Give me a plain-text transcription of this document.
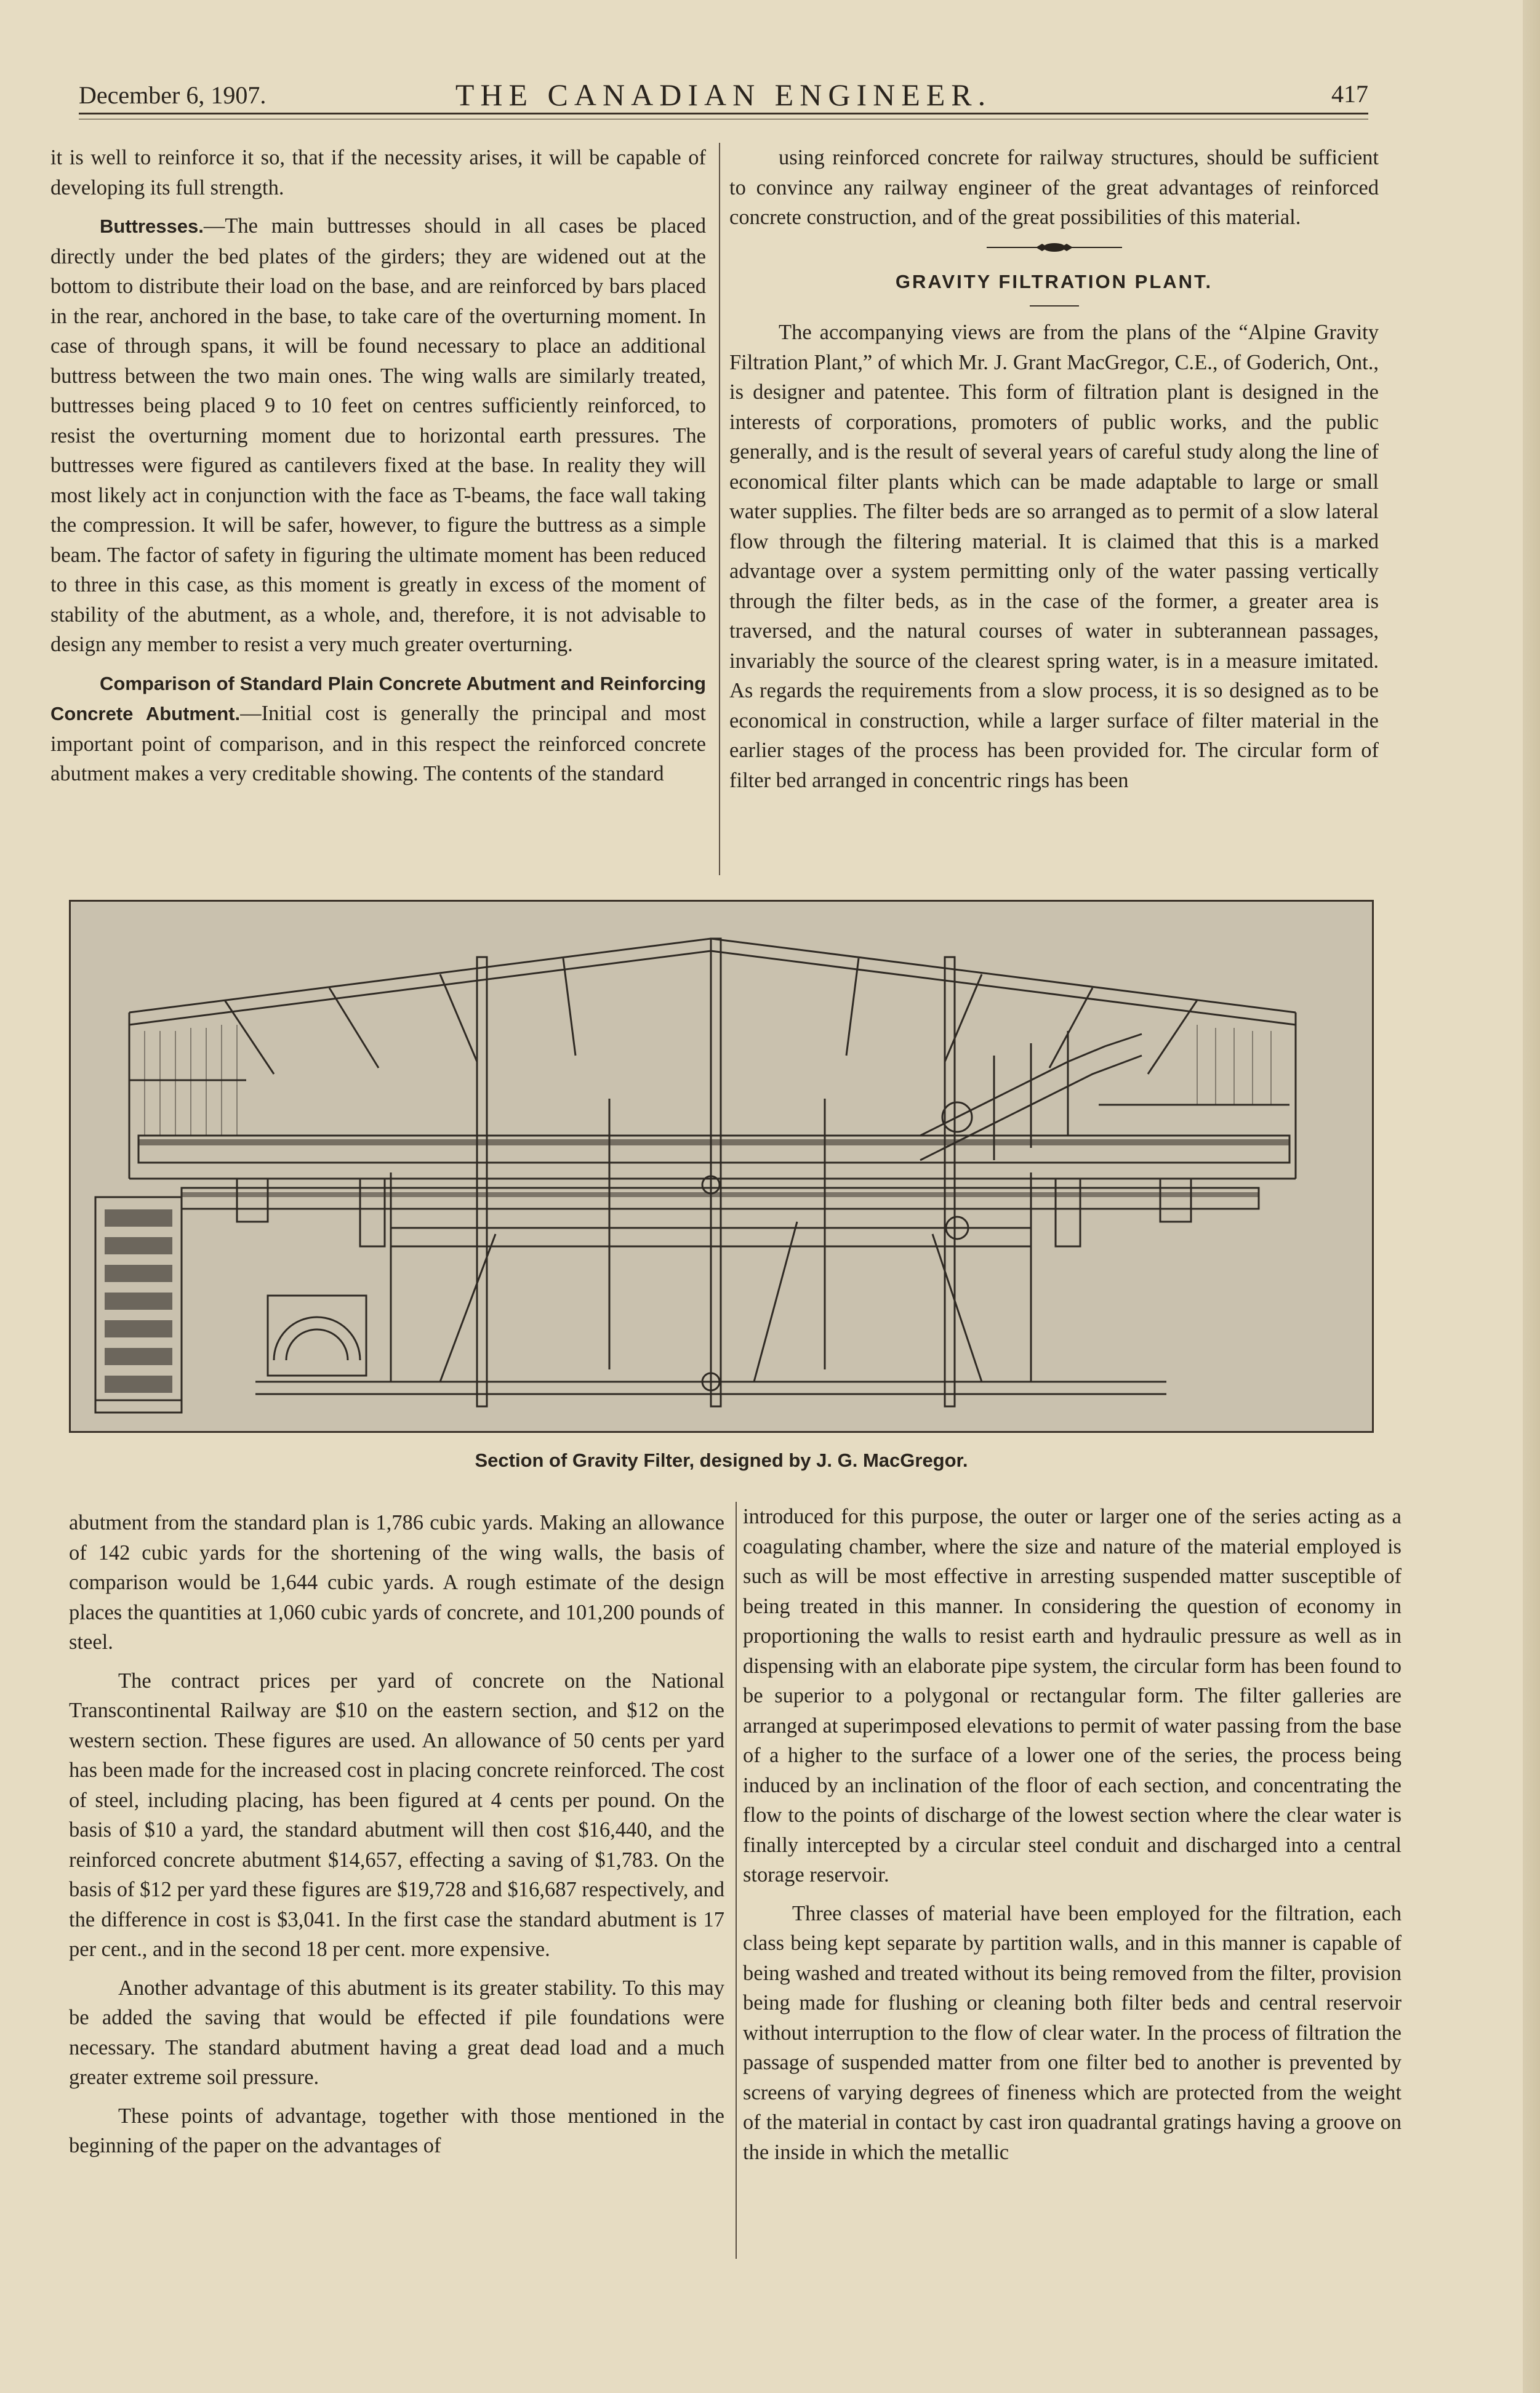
December 6, 1907.	THE CANADIAN ENGINEER.	417

it is well to reinforce it so, that if the necessity arises, it will be capable of developing its full strength.

Buttresses.—The main buttresses should in all cases be placed directly under the bed plates of the girders; they are widened out at the bottom to distribute their load on the base, and are reinforced by bars placed in the rear, anchored in the base, to take care of the overturning moment. In case of through spans, it will be found necessary to place an additional buttress between the two main ones. The wing walls are similarly treated, buttresses being placed 9 to 10 feet on centres sufficiently reinforced, to resist the overturning moment due to horizontal earth pressures. The buttresses were figured as cantilevers fixed at the base. In reality they will most likely act in conjunction with the face as T-beams, the face wall taking the compression. It will be safer, however, to figure the buttress as a simple beam. The factor of safety in figuring the ultimate moment has been reduced to three in this case, as this moment is greatly in excess of the moment of stability of the abutment, as a whole, and, therefore, it is not advisable to design any member to resist a very much greater overturning.

Comparison of Standard Plain Concrete Abutment and Reinforcing Concrete Abutment.—Initial cost is generally the principal and most important point of comparison, and in this respect the reinforced concrete abutment makes a very creditable showing. The contents of the standard

using reinforced concrete for railway structures, should be sufficient to convince any railway engineer of the great advantages of reinforced concrete construction, and of the great possibilities of this material.

GRAVITY FILTRATION PLANT.

The accompanying views are from the plans of the “Alpine Gravity Filtration Plant,” of which Mr. J. Grant MacGregor, C.E., of Goderich, Ont., is designer and patentee. This form of filtration plant is designed in the interests of corporations, promoters of public works, and the public generally, and is the result of several years of careful study along the line of economical filter plants which can be made adaptable to large or small water supplies. The filter beds are so arranged as to permit of a slow lateral flow through the filtering material. It is claimed that this is a marked advantage over a system permitting only of the water passing vertically through the filter beds, as in the case of the former, a greater area is traversed, and the natural courses of water in subterannean passages, invariably the source of the clearest spring water, is in a measure imitated. As regards the requirements from a slow process, it is so designed as to be economical in construction, while a larger surface of filter material in the earlier stages of the process has been provided for. The circular form of filter bed arranged in concentric rings has been

Section of Gravity Filter, designed by J. G. MacGregor.

abutment from the standard plan is 1,786 cubic yards. Making an allowance of 142 cubic yards for the shortening of the wing walls, the basis of comparison would be 1,644 cubic yards. A rough estimate of the design places the quantities at 1,060 cubic yards of concrete, and 101,200 pounds of steel.

The contract prices per yard of concrete on the National Transcontinental Railway are $10 on the eastern section, and $12 on the western section. These figures are used. An allowance of 50 cents per yard has been made for the increased cost in placing concrete reinforced. The cost of steel, including placing, has been figured at 4 cents per pound. On the basis of $10 a yard, the standard abutment will then cost $16,440, and the reinforced concrete abutment $14,657, effecting a saving of $1,783. On the basis of $12 per yard these figures are $19,728 and $16,687 respectively, and the difference in cost is $3,041. In the first case the standard abutment is 17 per cent., and in the second 18 per cent. more expensive.

Another advantage of this abutment is its greater stability. To this may be added the saving that would be effected if pile foundations were necessary. The standard abutment having a great dead load and a much greater extreme soil pressure.

These points of advantage, together with those mentioned in the beginning of the paper on the advantages of

introduced for this purpose, the outer or larger one of the series acting as a coagulating chamber, where the size and nature of the material employed is such as will be most effective in arresting suspended matter susceptible of being treated in this manner. In considering the question of economy in proportioning the walls to resist earth and hydraulic pressure as well as in dispensing with an elaborate pipe system, the circular form has been found to be superior to a polygonal or rectangular form. The filter galleries are arranged at superimposed elevations to permit of water passing from the base of a higher to the surface of a lower one of the series, the process being induced by an inclination of the floor of each section, and concentrating the flow to the points of discharge of the lowest section where the clear water is finally intercepted by a circular steel conduit and discharged into a central storage reservoir.

Three classes of material have been employed for the filtration, each class being kept separate by partition walls, and in this manner is capable of being washed and treated without its being removed from the filter, provision being made for flushing or cleaning both filter beds and central reservoir without interruption to the flow of clear water. In the process of filtration the passage of suspended matter from one filter bed to another is prevented by screens of varying degrees of fineness which are protected from the weight of the material in contact by cast iron quadrantal gratings having a groove on the inside in which the metallic
